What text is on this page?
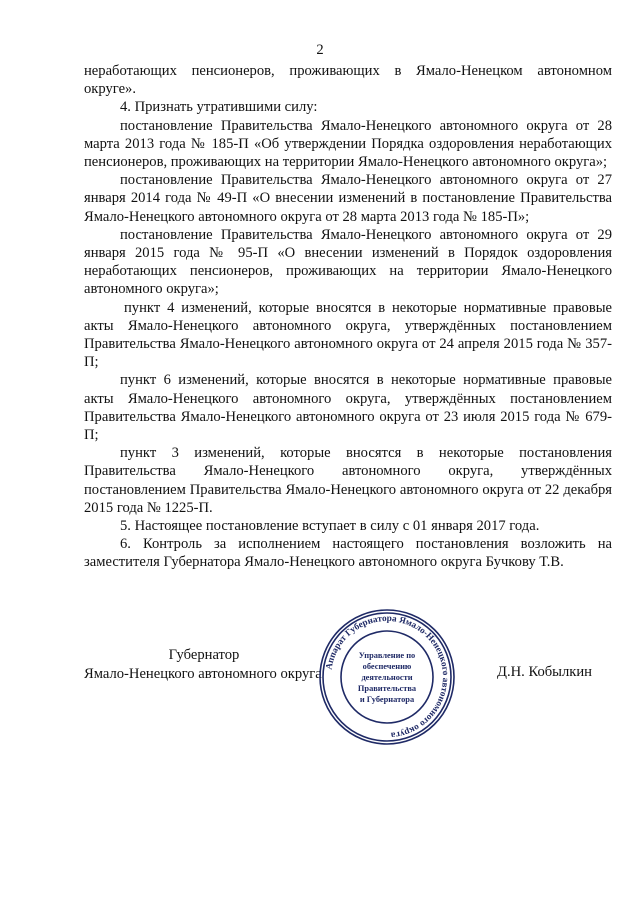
2

неработающих пенсионеров, проживающих в Ямало-Ненецком автономном округе».

4. Признать утратившими силу:

постановление Правительства Ямало-Ненецкого автономного округа от 28 марта 2013 года № 185-П «Об утверждении Порядка оздоровления неработающих пенсионеров, проживающих на территории Ямало-Ненецкого автономного округа»;

постановление Правительства Ямало-Ненецкого автономного округа от 27 января 2014 года № 49-П «О внесении изменений в постановление Правительства Ямало-Ненецкого автономного округа от 28 марта 2013 года № 185-П»;

постановление Правительства Ямало-Ненецкого автономного округа от 29 января 2015 года № 95-П «О внесении изменений в Порядок оздоровления неработающих пенсионеров, проживающих на территории Ямало-Ненецкого автономного округа»;

пункт 4 изменений, которые вносятся в некоторые нормативные правовые акты Ямало-Ненецкого автономного округа, утверждённых постановлением Правительства Ямало-Ненецкого автономного округа от 24 апреля 2015 года № 357-П;

пункт 6 изменений, которые вносятся в некоторые нормативные правовые акты Ямало-Ненецкого автономного округа, утверждённых постановлением Правительства Ямало-Ненецкого автономного округа от 23 июля 2015 года № 679-П;

пункт 3 изменений, которые вносятся в некоторые постановления Правительства Ямало-Ненецкого автономного округа, утверждённых постановлением Правительства Ямало-Ненецкого автономного округа от 22 декабря 2015 года № 1225-П.

5. Настоящее постановление вступает в силу с 01 января 2017 года.

6. Контроль за исполнением настоящего постановления возложить на заместителя Губернатора Ямало-Ненецкого автономного округа Бучкову Т.В.

Губернатор
Ямало-Ненецкого автономного округа	Д.Н. Кобылкин
Аппарат Губернатора Ямало-Ненецкого автономного округа
Управление по
обеспечению
деятельности
Правительства
и Губернатора
